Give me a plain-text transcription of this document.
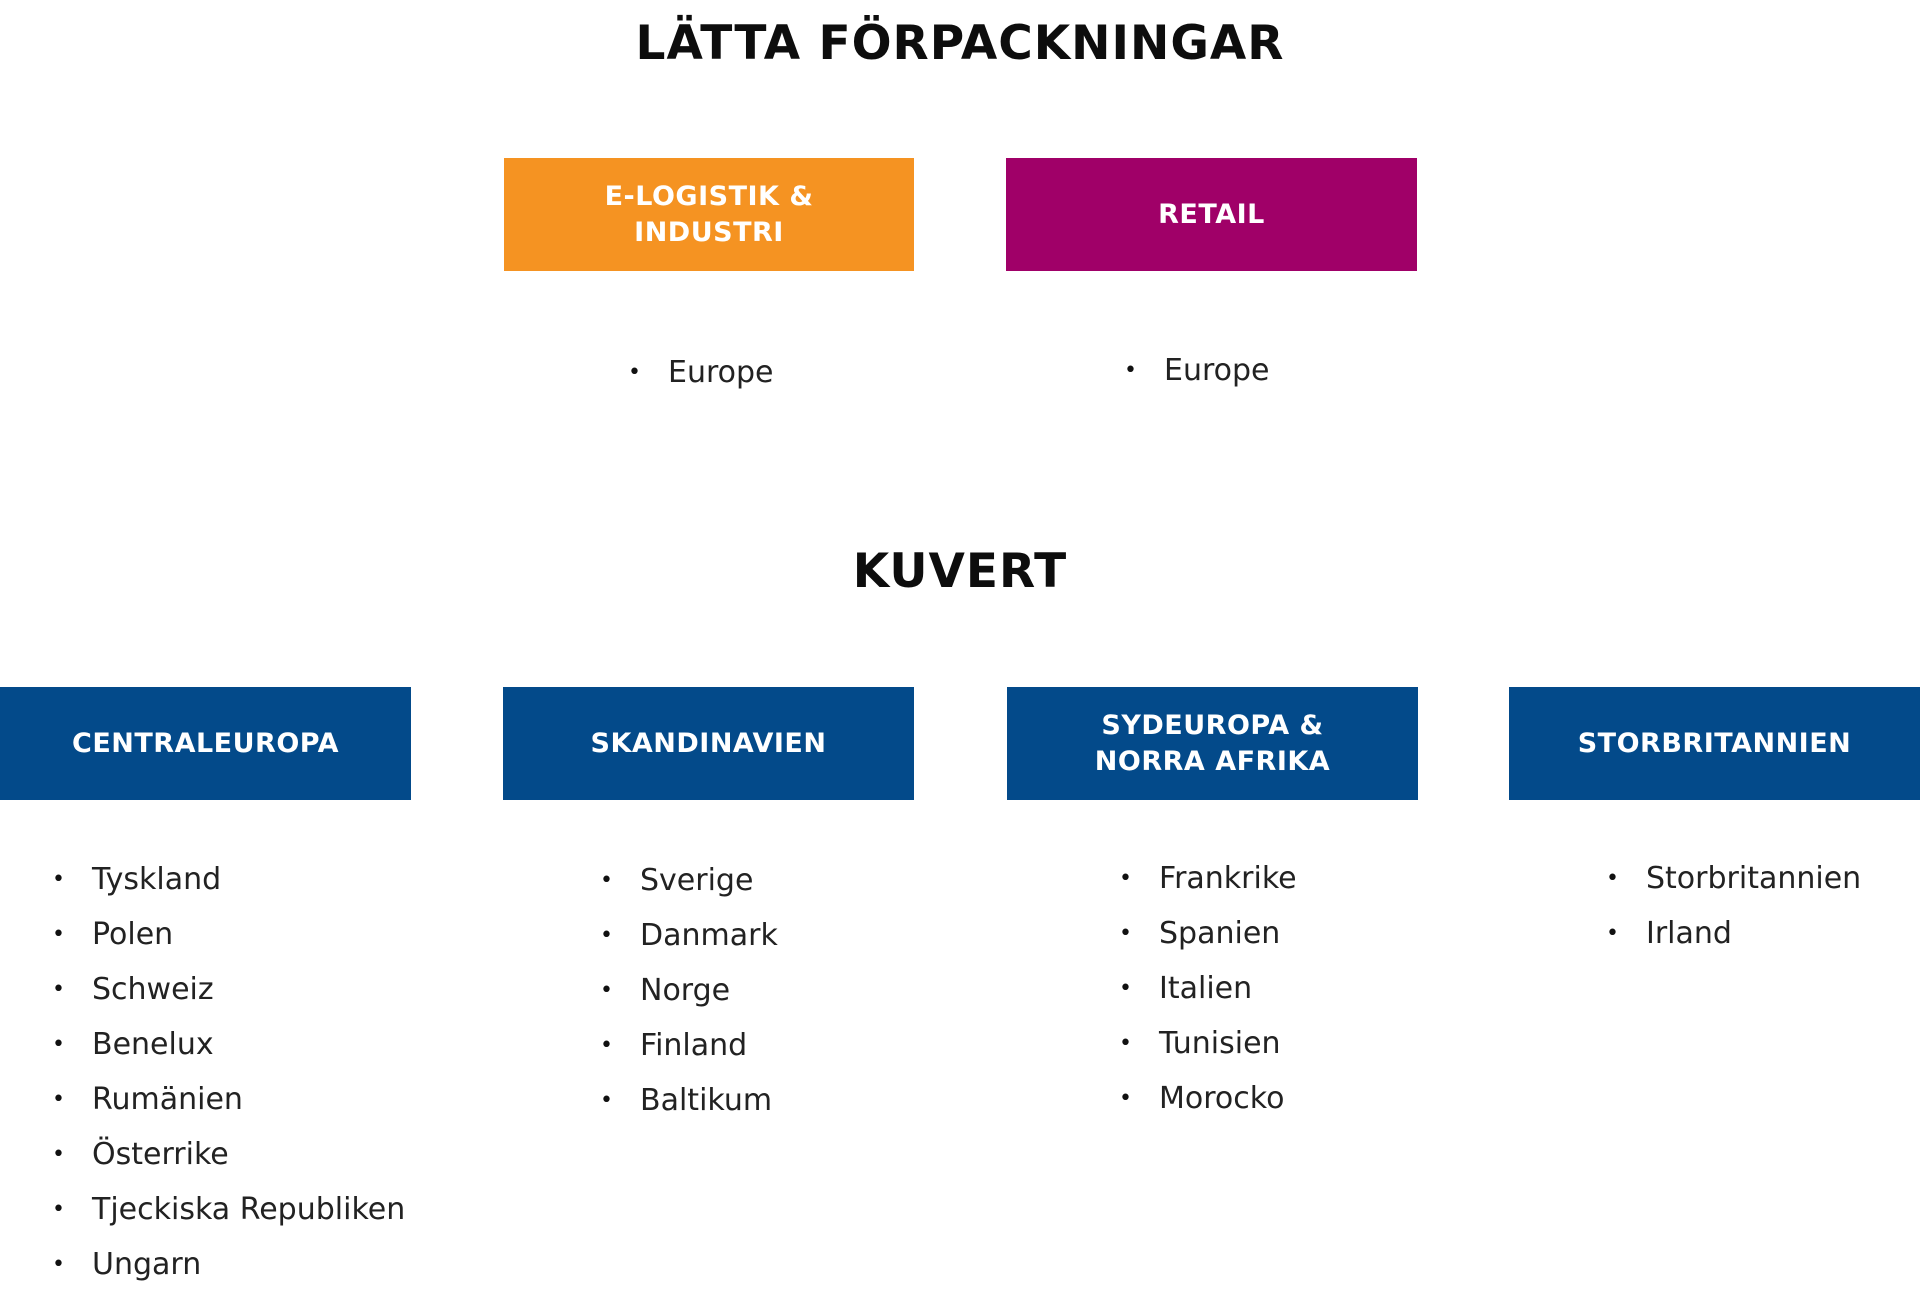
LÄTTA FÖRPACKNINGAR
E-LOGISTIK &
INDUSTRI
RETAIL
• Europe
•	Europe
KUVERT
CENTRALEUROPA	SKANDINAVIEN
SYDEUROPA &
NORRA AFRIKA
STORBRITANNIEN
• Tyskland
• Polen
• Schweiz
• Benelux
• Rumänien
• Österrike
• Tjeckiska Republiken
• Ungarn
• Sverige
• Danmark
• Norge
• Finland
• Baltikum
• Frankrike
• Spanien
• Italien
• Tunisien
• Morocko
• Storbritannien
• Irland
